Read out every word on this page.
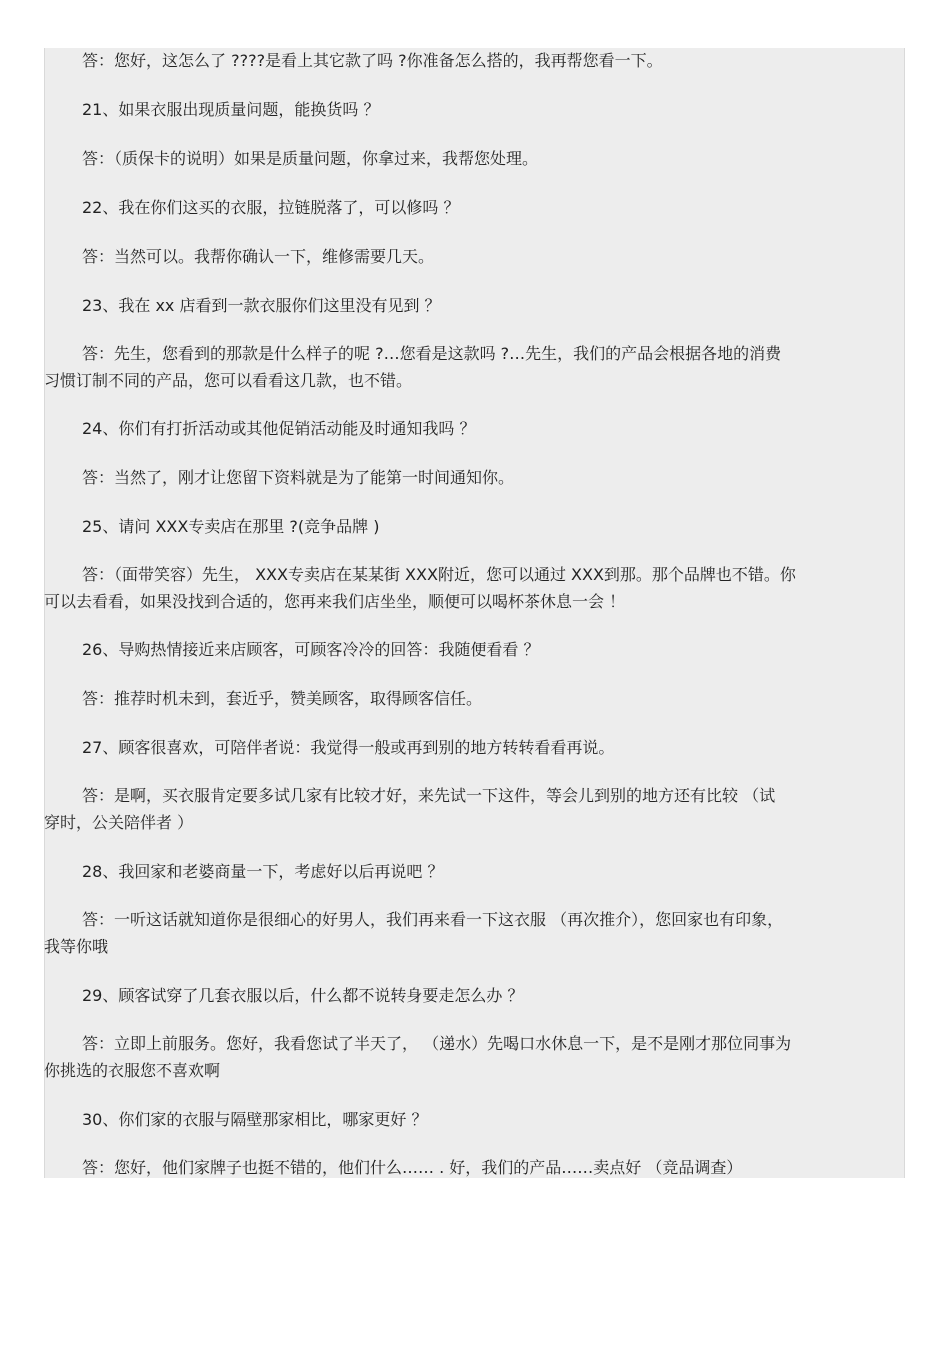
答：您好，这怎么了 ????是看上其它款了吗 ?你准备怎么搭的，我再帮您看一下。

21、如果衣服出现质量问题，能换货吗 ？

答：（质保卡的说明）如果是质量问题，你拿过来，我帮您处理。

22、我在你们这买的衣服，拉链脱落了，可以修吗 ？

答：当然可以。我帮你确认一下，维修需要几天。

23、我在 xx 店看到一款衣服你们这里没有见到 ？

答：先生，您看到的那款是什么样子的呢 ?…您看是这款吗 ?…先生，我们的产品会根据各地的消费

习惯订制不同的产品，您可以看看这几款，也不错。

24、你们有打折活动或其他促销活动能及时通知我吗 ？

答：当然了，刚才让您留下资料就是为了能第一时间通知你。

25、请问 XXX专卖店在那里 ?(竞争品牌 )

答：（面带笑容）先生， XXX专卖店在某某街 XXX附近，您可以通过 XXX到那。那个品牌也不错。你

可以去看看，如果没找到合适的，您再来我们店坐坐，顺便可以喝杯茶休息一会 ！

26、导购热情接近来店顾客，可顾客冷冷的回答：我随便看看 ？

答：推荐时机未到，套近乎，赞美顾客，取得顾客信任。

27、顾客很喜欢，可陪伴者说：我觉得一般或再到别的地方转转看看再说。

答：是啊，买衣服肯定要多试几家有比较才好，来先试一下这件，等会儿到别的地方还有比较 （试

穿时，公关陪伴者 ）

28、我回家和老婆商量一下，考虑好以后再说吧 ？

答：一听这话就知道你是很细心的好男人，我们再来看一下这衣服 （再次推介），您回家也有印象，

我等你哦

29、顾客试穿了几套衣服以后，什么都不说转身要走怎么办 ？

答：立即上前服务。您好，我看您试了半天了， （递水）先喝口水休息一下，是不是刚才那位同事为

你挑选的衣服您不喜欢啊

30、你们家的衣服与隔壁那家相比，哪家更好 ？

答：您好，他们家牌子也挺不错的，他们什么…… . 好，我们的产品……卖点好 （竞品调查）
